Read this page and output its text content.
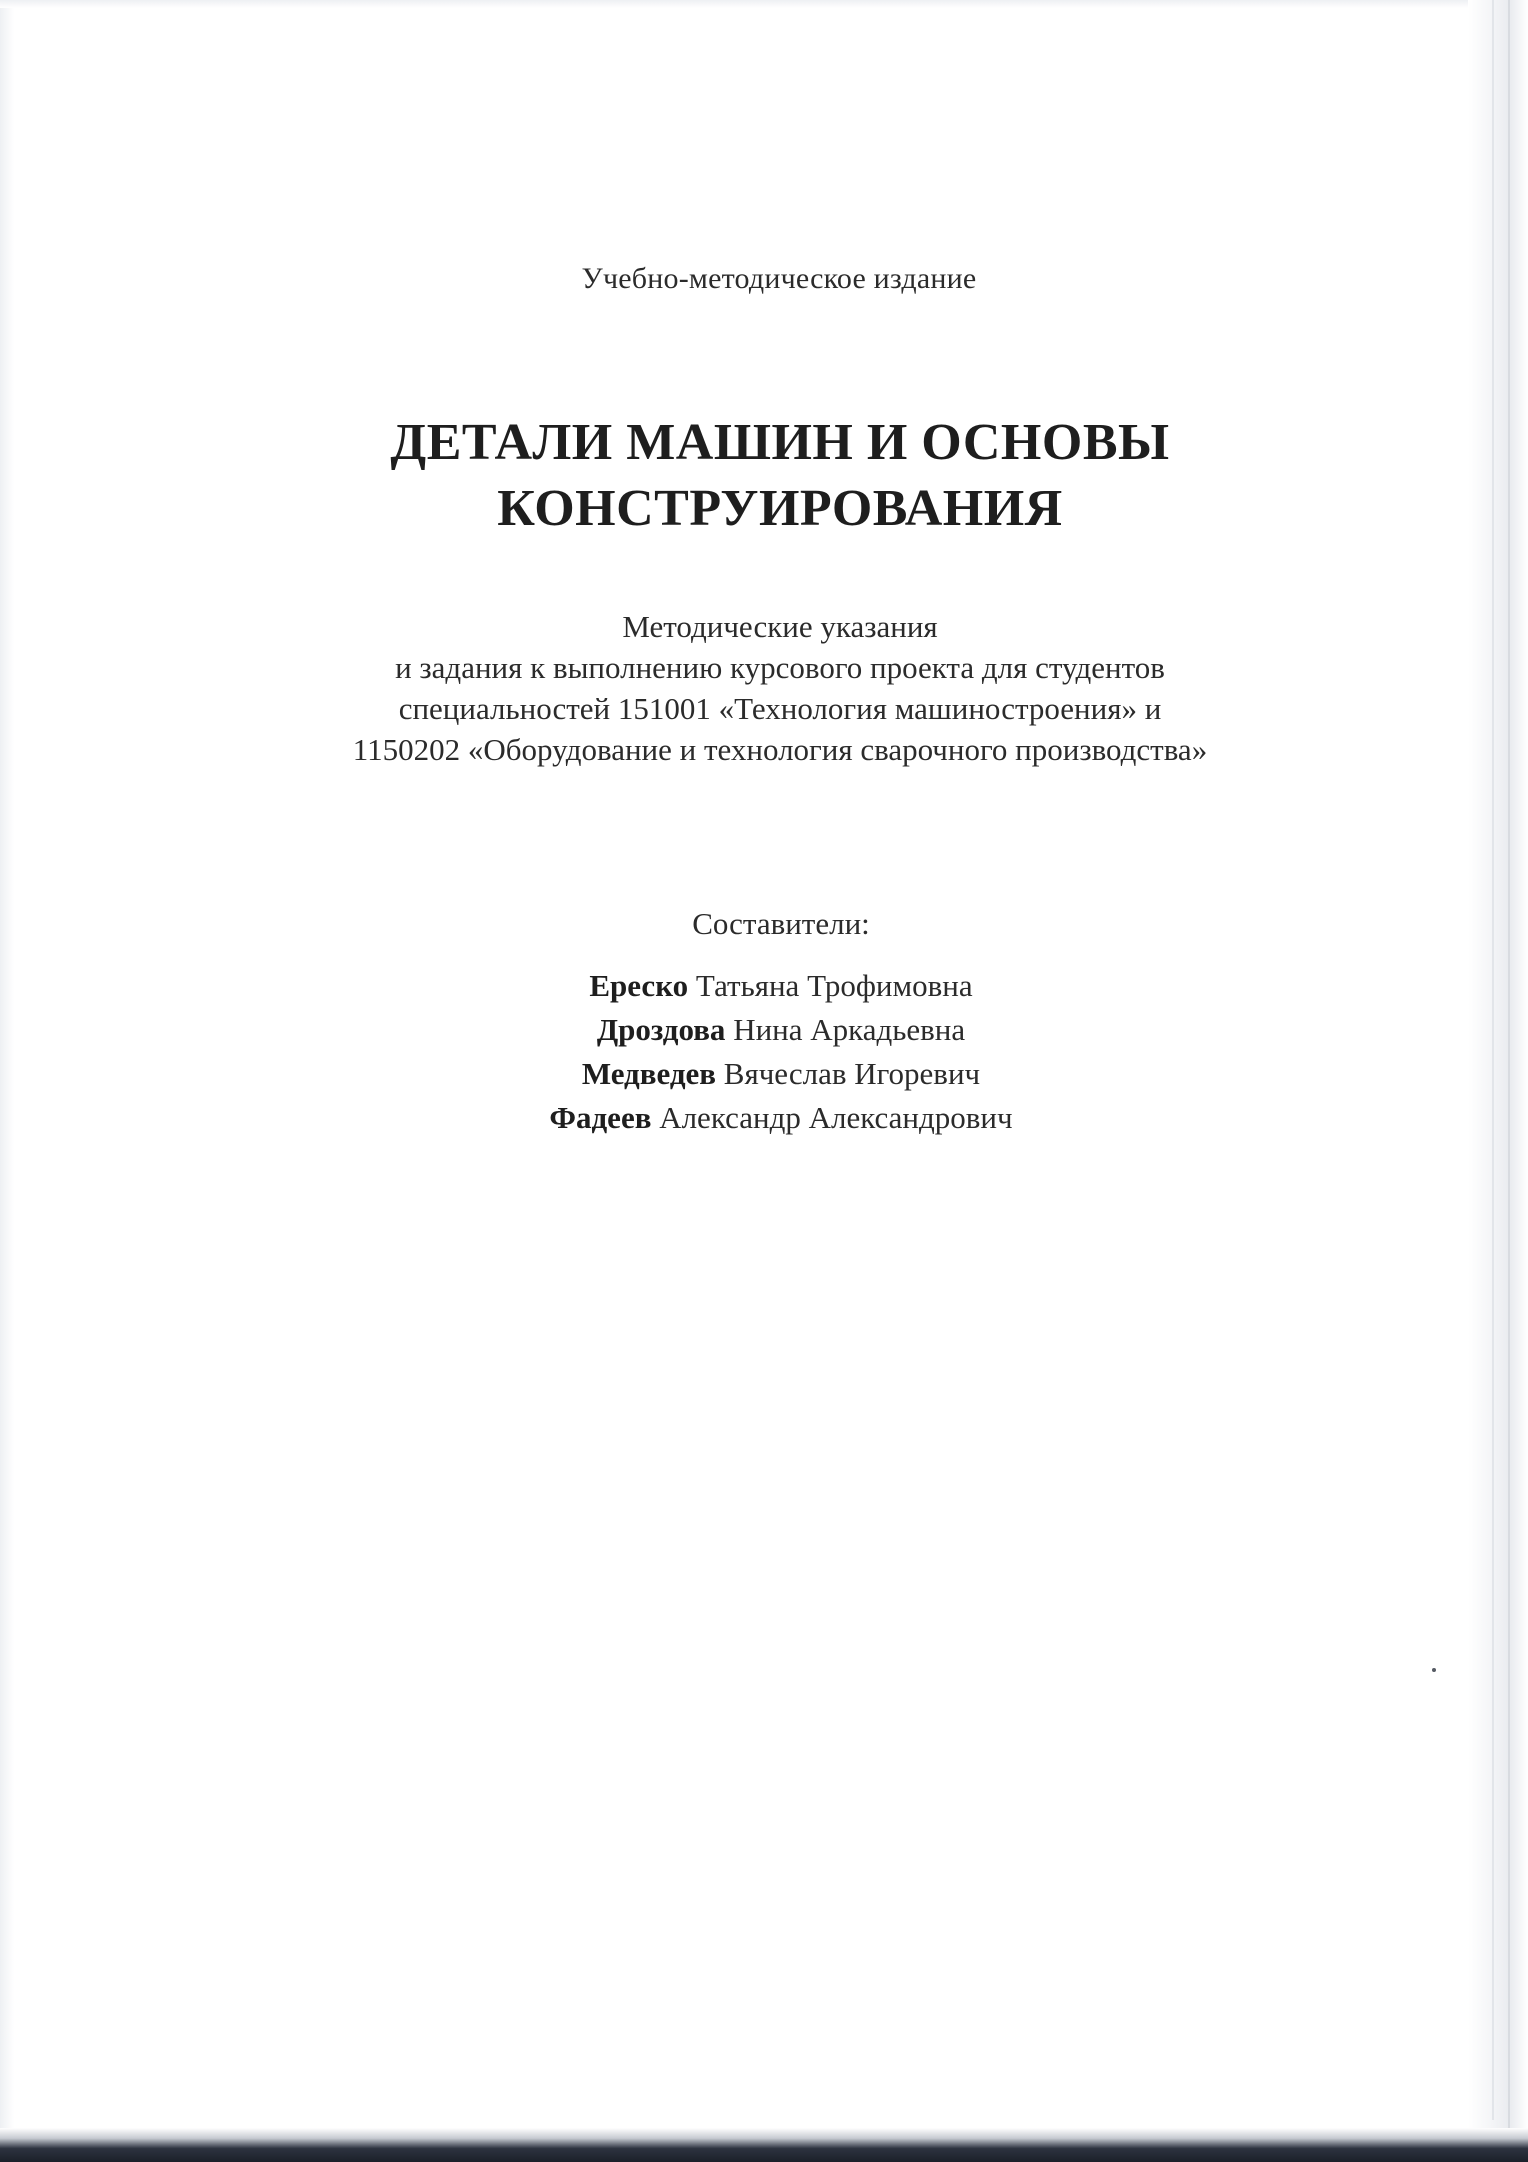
Учебно-методическое издание
ДЕТАЛИ МАШИН И ОСНОВЫ
КОНСТРУИРОВАНИЯ
Методические указания
и задания к выполнению курсового проекта для студентов
специальностей 151001 «Технология машиностроения» и
1150202 «Оборудование и технология сварочного производства»
Составители:
Ереско Татьяна Трофимовна
Дроздова Нина Аркадьевна
Медведев Вячеслав Игоревич
Фадеев Александр Александрович
